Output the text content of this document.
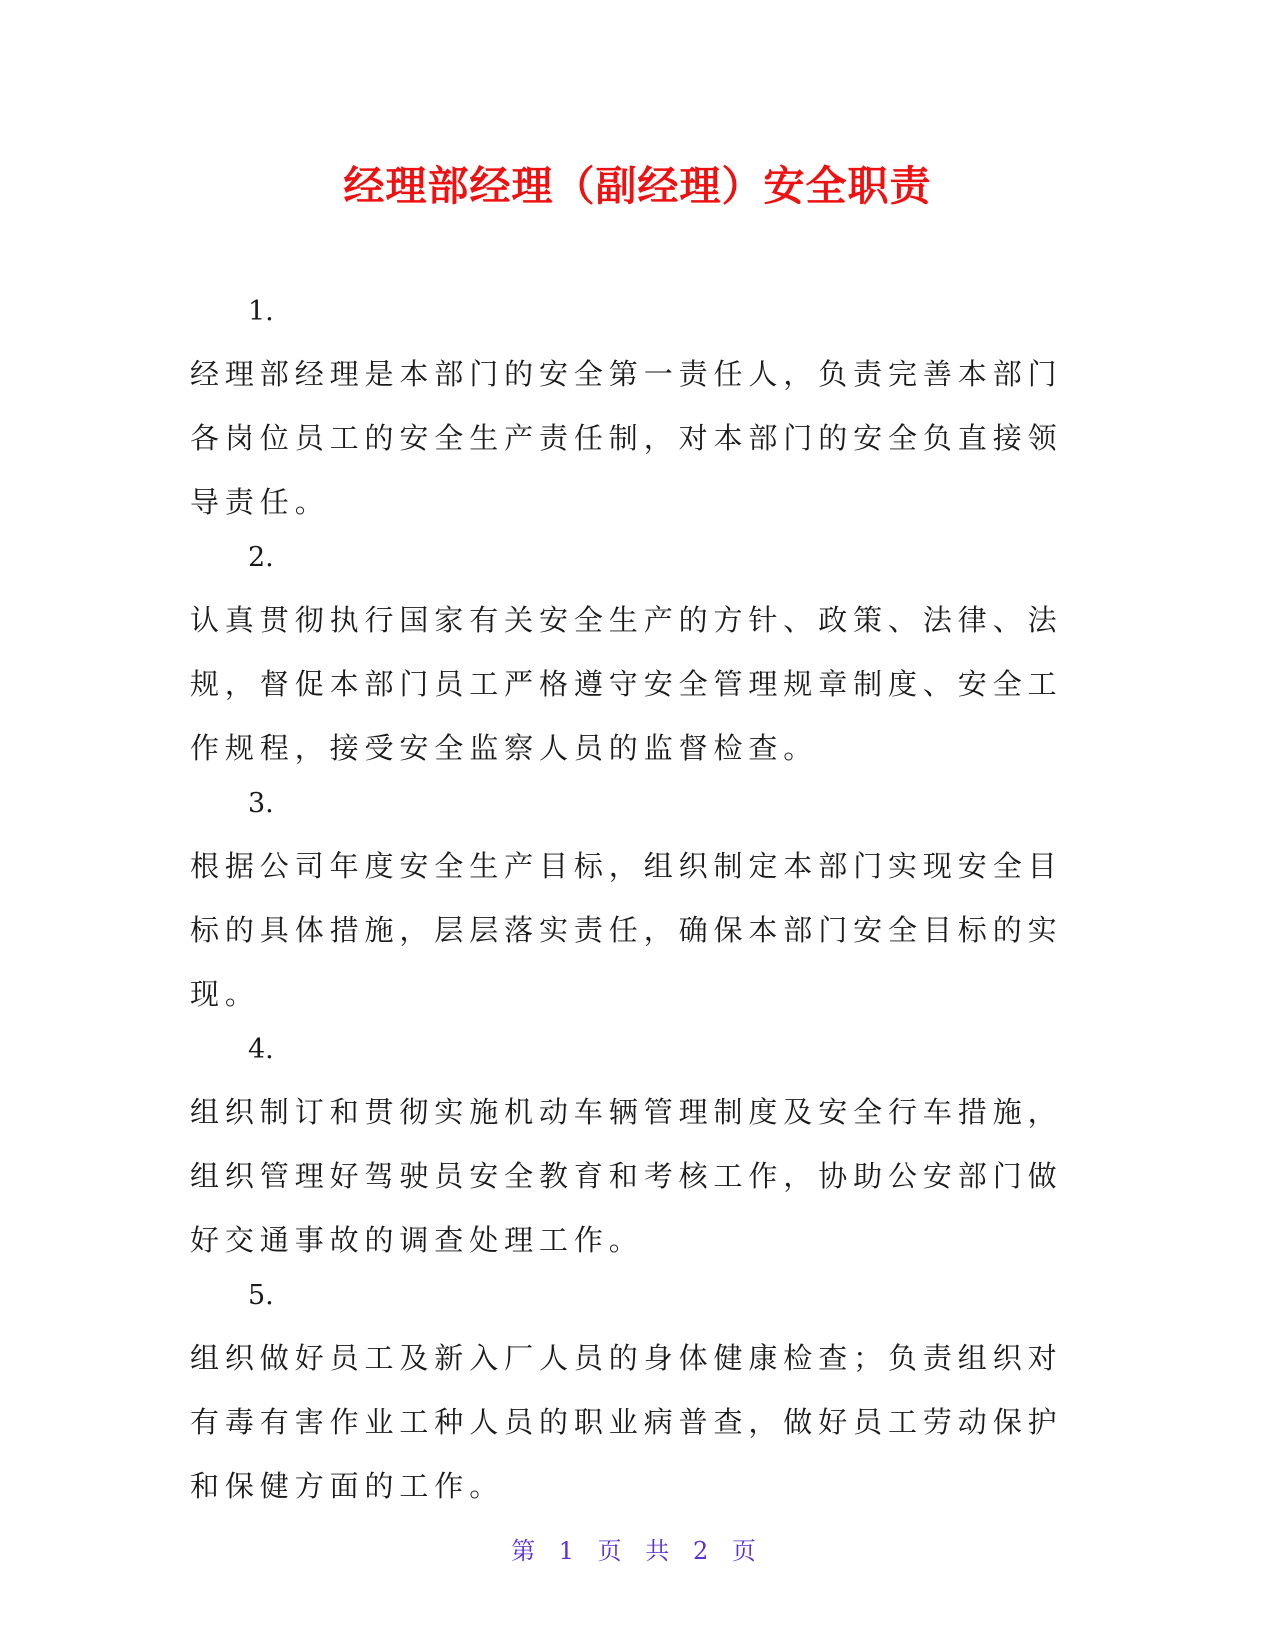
经理部经理（副经理）安全职责
1.
经理部经理是本部门的安全第一责任人，负责完善本部门各岗位员工的安全生产责任制，对本部门的安全负直接领导责任。
2.
认真贯彻执行国家有关安全生产的方针、政策、法律、法规，督促本部门员工严格遵守安全管理规章制度、安全工作规程，接受安全监察人员的监督检查。
3.
根据公司年度安全生产目标，组织制定本部门实现安全目标的具体措施，层层落实责任，确保本部门安全目标的实现。
4.
组织制订和贯彻实施机动车辆管理制度及安全行车措施，组织管理好驾驶员安全教育和考核工作，协助公安部门做好交通事故的调查处理工作。
5.
组织做好员工及新入厂人员的身体健康检查；负责组织对有毒有害作业工种人员的职业病普查，做好员工劳动保护和保健方面的工作。
第 1 页 共 2 页
